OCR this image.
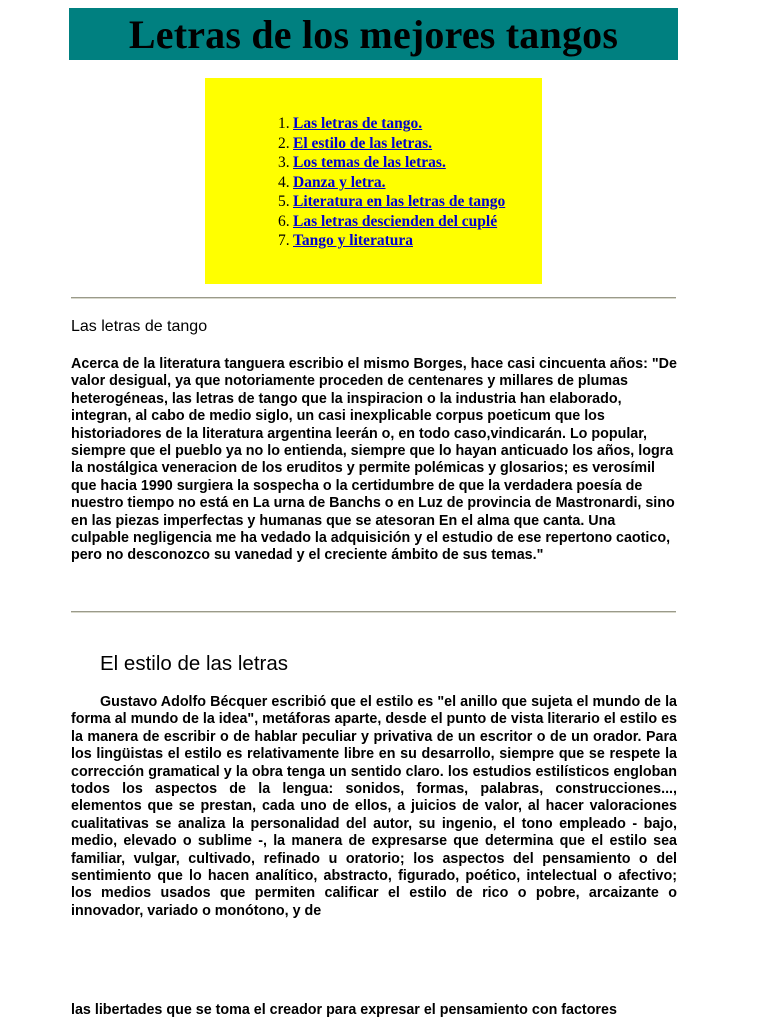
Letras de los mejores tangos
1. Las letras de tango.
2. El estilo de las letras.
3. Los temas de las letras.
4. Danza y letra.
5. Literatura en las letras de tango
6. Las letras descienden del cuplé
7. Tango y literatura
Las letras de tango

Acerca de la literatura tanguera escribio el mismo Borges, hace casi cincuenta años: "De valor desigual, ya que notoriamente proceden de centenares y millares de plumas heterogéneas, las letras de tango que la inspiracion o la industria han elaborado, integran, al cabo de medio siglo, un casi inexplicable corpus poeticum que los historiadores de la literatura argentina leerán o, en todo caso,vindicarán. Lo popular, siempre que el pueblo ya no lo entienda, siempre que lo hayan anticuado los años, logra la nostálgica veneracion de los eruditos y permite polémicas y glosarios; es verosímil que hacia 1990 surgiera la sospecha o la certidumbre de que la verdadera poesía de nuestro tiempo no está en La urna de Banchs o en Luz de provincia de Mastronardi, sino en las piezas imperfectas y humanas que se atesoran En el alma que canta. Una culpable negligencia me ha vedado la adquisición y el estudio de ese repertono caotico, pero no desconozco su vanedad y el creciente ámbito de sus temas."

El estilo de las letras

Gustavo Adolfo Bécquer escribió que el estilo es "el anillo que sujeta el mundo de la forma al mundo de la idea", metáforas aparte, desde el punto de vista literario el estilo es la manera de escribir o de hablar peculiar y privativa de un escritor o de un orador. Para los lingüistas el estilo es relativamente libre en su desarrollo, siempre que se respete la corrección gramatical y la obra tenga un sentido claro. los estudios estilísticos engloban todos los aspectos de la lengua: sonidos, formas, palabras, construcciones..., elementos que se prestan, cada uno de ellos, a juicios de valor, al hacer valoraciones cualitativas se analiza la personalidad del autor, su ingenio, el tono empleado - bajo, medio, elevado o sublime -, la manera de expresarse que determina que el estilo sea familiar, vulgar, cultivado, refinado u oratorio; los aspectos del pensamiento o del sentimiento que lo hacen analítico, abstracto, figurado, poético, intelectual o afectivo; los medios usados que permiten calificar el estilo de rico o pobre, arcaizante o innovador, variado o monótono, y de

las libertades que se toma el creador para expresar el pensamiento con factores
